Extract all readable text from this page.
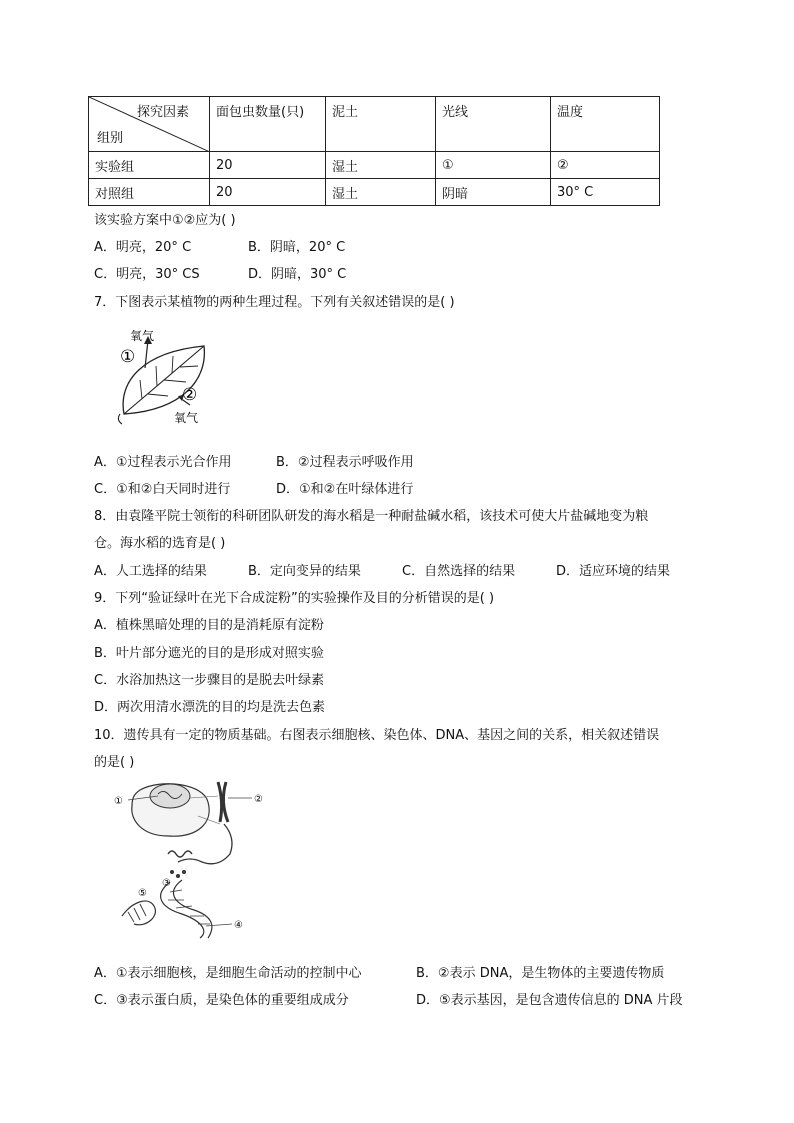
探究因素
组别	面包虫数量(只)	泥土	光线	温度
实验组	20	湿土	①	②
对照组	20	湿土	阴暗	30° C
该实验方案中①②应为( )
A．明亮，20° C	B．阴暗，20° C
C．明亮，30° CS	D．阴暗，30° C
7．下图表示某植物的两种生理过程。下列有关叙述错误的是( )
氧气
①
②
氧气
A．①过程表示光合作用	B．②过程表示呼吸作用
C．①和②白天同时进行	D．①和②在叶绿体进行
8．由袁隆平院士领衔的科研团队研发的海水稻是一种耐盐碱水稻，该技术可使大片盐碱地变为粮
仓。海水稻的选育是( )
A．人工选择的结果	B．定向变异的结果	C．自然选择的结果	D．适应环境的结果
9．下列“验证绿叶在光下合成淀粉”的实验操作及目的分析错误的是( )
A．植株黑暗处理的目的是消耗原有淀粉
B．叶片部分遮光的目的是形成对照实验
C．水浴加热这一步骤目的是脱去叶绿素
D．两次用清水漂洗的目的均是洗去色素
10．遗传具有一定的物质基础。右图表示细胞核、染色体、DNA、基因之间的关系，相关叙述错误
的是( )
①	②
③
④
⑤
A．①表示细胞核，是细胞生命活动的控制中心	B．②表示 DNA，是生物体的主要遗传物质
C．③表示蛋白质，是染色体的重要组成成分	D．⑤表示基因，是包含遗传信息的 DNA 片段
